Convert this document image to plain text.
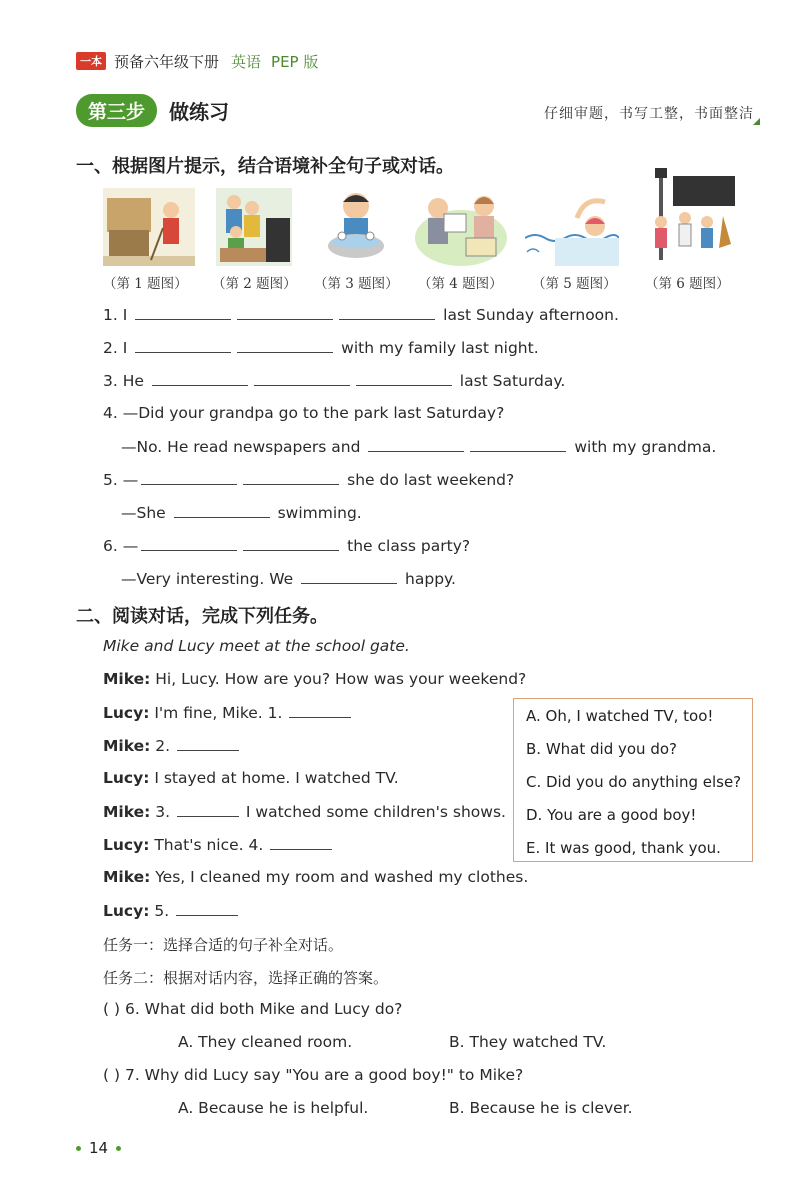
一本 预备六年级下册 英语 PEP 版
第三步	做练习	仔细审题，书写工整，书面整洁
一、根据图片提示，结合语境补全句子或对话。
（第 1 题图） （第 2 题图） （第 3 题图） （第 4 题图） （第 5 题图） （第 6 题图）
1. I	last Sunday afternoon.
2. I	with my family last night.
3. He	last Saturday.
4. —Did your grandpa go to the park last Saturday?
—No. He read newspapers and	with my grandma.
5. —	she do last weekend?
—She	swimming.
6. —	the class party?
—Very interesting. We	happy.
二、阅读对话，完成下列任务。
Mike and Lucy meet at the school gate.
Mike: Hi, Lucy. How are you? How was your weekend?
Lucy: I'm fine, Mike. 1.
Mike: 2.
Lucy: I stayed at home. I watched TV.
Mike: 3.	I watched some children's shows.
Lucy: That's nice. 4.
Mike: Yes, I cleaned my room and washed my clothes.
Lucy: 5.
A. Oh, I watched TV, too!
B. What did you do?
C. Did you do anything else?
D. You are a good boy!
E. It was good, thank you.
任务一：选择合适的句子补全对话。
任务二：根据对话内容，选择正确的答案。
( ) 6. What did both Mike and Lucy do?
A. They cleaned room.	B. They watched TV.
( ) 7. Why did Lucy say "You are a good boy!" to Mike?
A. Because he is helpful.	B. Because he is clever.
14
